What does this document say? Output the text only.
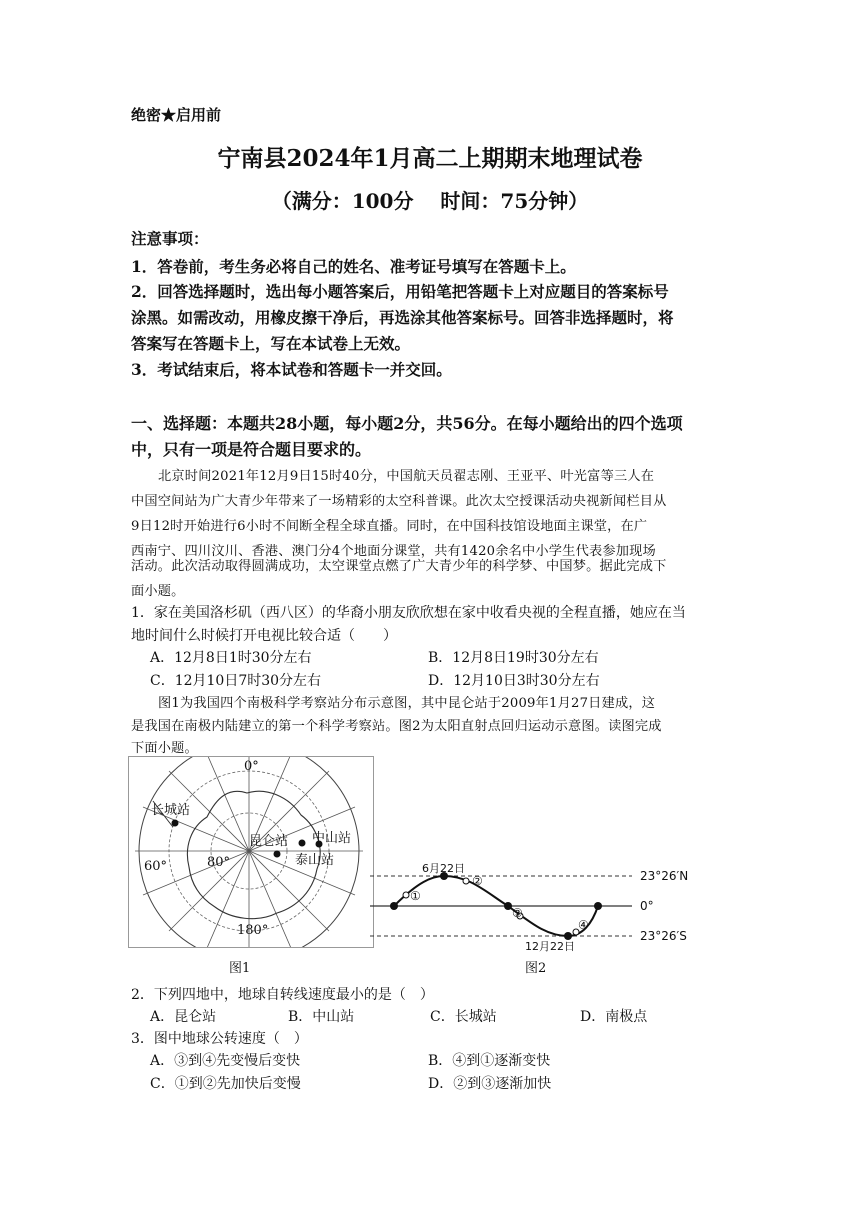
绝密★启用前
宁南县2024年1月高二上期期末地理试卷
（满分：100分　 时间：75分钟）
注意事项：
1．答卷前，考生务必将自己的姓名、准考证号填写在答题卡上。
2．回答选择题时，选出每小题答案后，用铅笔把答题卡上对应题目的答案标号
涂黑。如需改动，用橡皮擦干净后，再选涂其他答案标号。回答非选择题时，将
答案写在答题卡上，写在本试卷上无效。
3．考试结束后，将本试卷和答题卡一并交回。
一、选择题：本题共28小题，每小题2分，共56分。在每小题给出的四个选项
中，只有一项是符合题目要求的。
北京时间2021年12月9日15时40分，中国航天员翟志刚、王亚平、叶光富等三人在
中国空间站为广大青少年带来了一场精彩的太空科普课。此次太空授课活动央视新闻栏目从
9日12时开始进行6小时不间断全程全球直播。同时，在中国科技馆设地面主课堂，在广
西南宁、四川汶川、香港、澳门分4个地面分课堂，共有1420余名中小学生代表参加现场
活动。此次活动取得圆满成功，太空课堂点燃了广大青少年的科学梦、中国梦。据此完成下
面小题。
1．家在美国洛杉矶（西八区）的华裔小朋友欣欣想在家中收看央视的全程直播，她应在当
地时间什么时候打开电视比较合适（　　）
A．12月8日1时30分左右	B．12月8日19时30分左右
C．12月10日7时30分左右	D．12月10日3时30分左右
图1为我国四个南极科学考察站分布示意图，其中昆仑站于2009年1月27日建成，这
是我国在南极内陆建立的第一个科学考察站。图2为太阳直射点回归运动示意图。读图完成
下面小题。
0°
180°
60°	80°
长城站
昆仑站 中山站
泰山站
图1
6月22日
12月22日
23°26′N
0°
23°26′S
①
②
③
④
图2
2．下列四地中，地球自转线速度最小的是（　）
A．昆仑站	B．中山站	C．长城站	D．南极点
3．图中地球公转速度（　）
A．③到④先变慢后变快	B．④到①逐渐变快
C．①到②先加快后变慢	D．②到③逐渐加快
